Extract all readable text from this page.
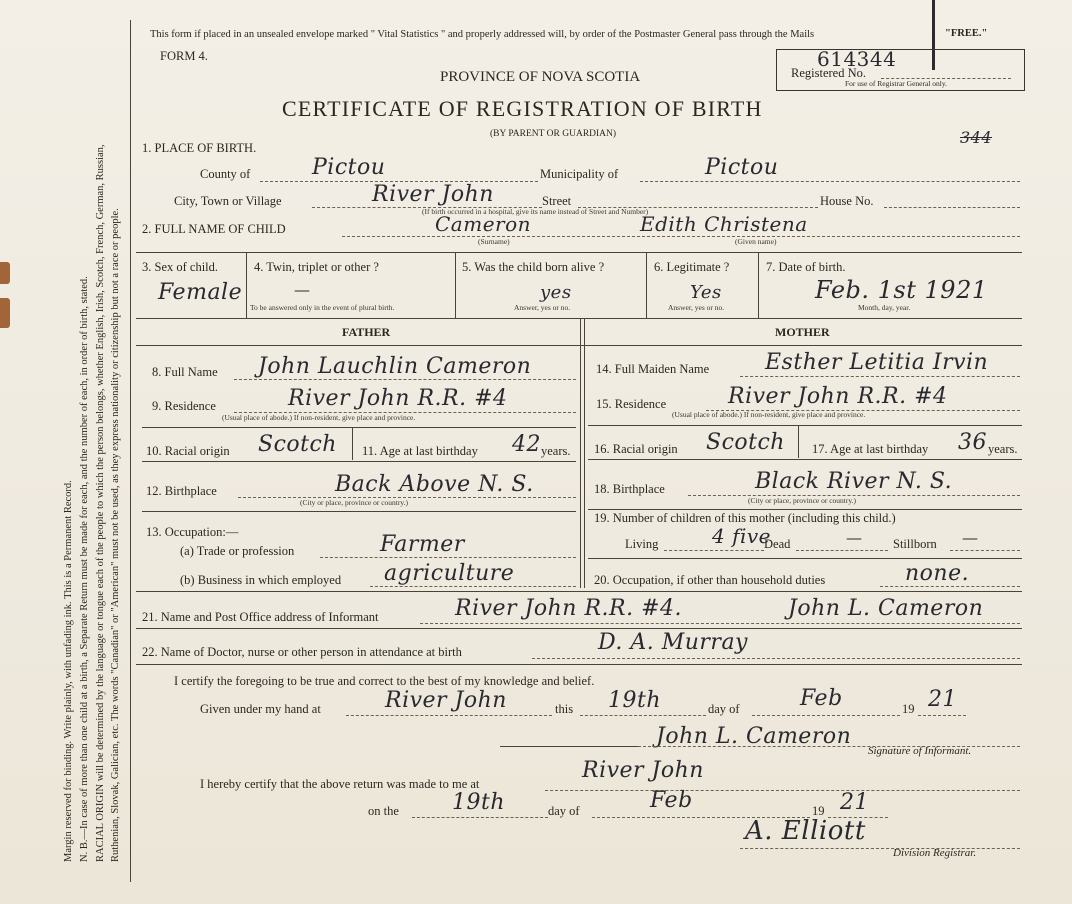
Margin reserved for binding. Write plainly, with unfading ink. This is a Permanent Record. N. B.—In case of more than one child at a birth, a Separate Return must be made for each, and the number of each, in order of birth, stated. RACIAL ORIGIN will be determined by the language or tongue each of the people to which the person belongs, whether English, Irish, Scotch, French, German, Russian, Ruthenian, Slovak, Galician, etc. The words "Canadian" or "American" must not be used, as they express nationality or citizenship but not a race or people.
This form if placed in an unsealed envelope marked " Vital Statistics " and properly addressed will, by order of the Postmaster General pass through the Mails	"FREE."
FORM 4.
PROVINCE OF NOVA SCOTIA
CERTIFICATE OF REGISTRATION OF BIRTH
(BY PARENT OR GUARDIAN)
614344
Registered No.
For use of Registrar General only.
344
1. PLACE OF BIRTH.
County of	Pictou	Municipality of	Pictou
City, Town or Village	River John	Street	House No.
(If birth occurred in a hospital, give its name instead of Street and Number)
2. FULL NAME OF CHILD	Cameron	Edith Christena
(Surname)	(Given name)
3. Sex of child.
Female
4. Twin, triplet or other ?
—
To be answered only in the event of plural birth.
5. Was the child born alive ?
yes
Answer, yes or no.
6. Legitimate ?
Yes
Answer, yes or no.
7. Date of birth.
Feb. 1st 1921
Month, day, year.
FATHER	MOTHER
8. Full Name John Lauchlin Cameron
9. Residence	River John R.R. #4
(Usual place of abode.) If non-resident, give place and province.
10. Racial origin Scotch 11. Age at last birthday 42 years.
12. Birthplace	Back Above N. S.
(City or place, province or country.)
13. Occupation:—
(a) Trade or profession	Farmer
(b) Business in which employed agriculture
14. Full Maiden Name	Esther Letitia Irvin
15. Residence	River John R.R. #4
(Usual place of abode.) If non-resident, give place and province.
16. Racial origin Scotch 17. Age at last birthday 36 years.
18. Birthplace	Black River N. S.
(City or place, province or country.)
19. Number of children of this mother (including this child.)
Living	4 five
Dead	— Stillborn —
20. Occupation, if other than household duties	none.
21. Name and Post Office address of Informant	River John R.R. #4.	John L. Cameron
22. Name of Doctor, nurse or other person in attendance at birth	D. A. Murray
I certify the foregoing to be true and correct to the best of my knowledge and belief.
Given under my hand at	River John	this 19th	day of	Feb	19 21
John L. Cameron
Signature of Informant.
I hereby certify that the above return was made to me at
River John
on the 19th	day of	Feb	19 21
A. Elliott
Division Registrar.
